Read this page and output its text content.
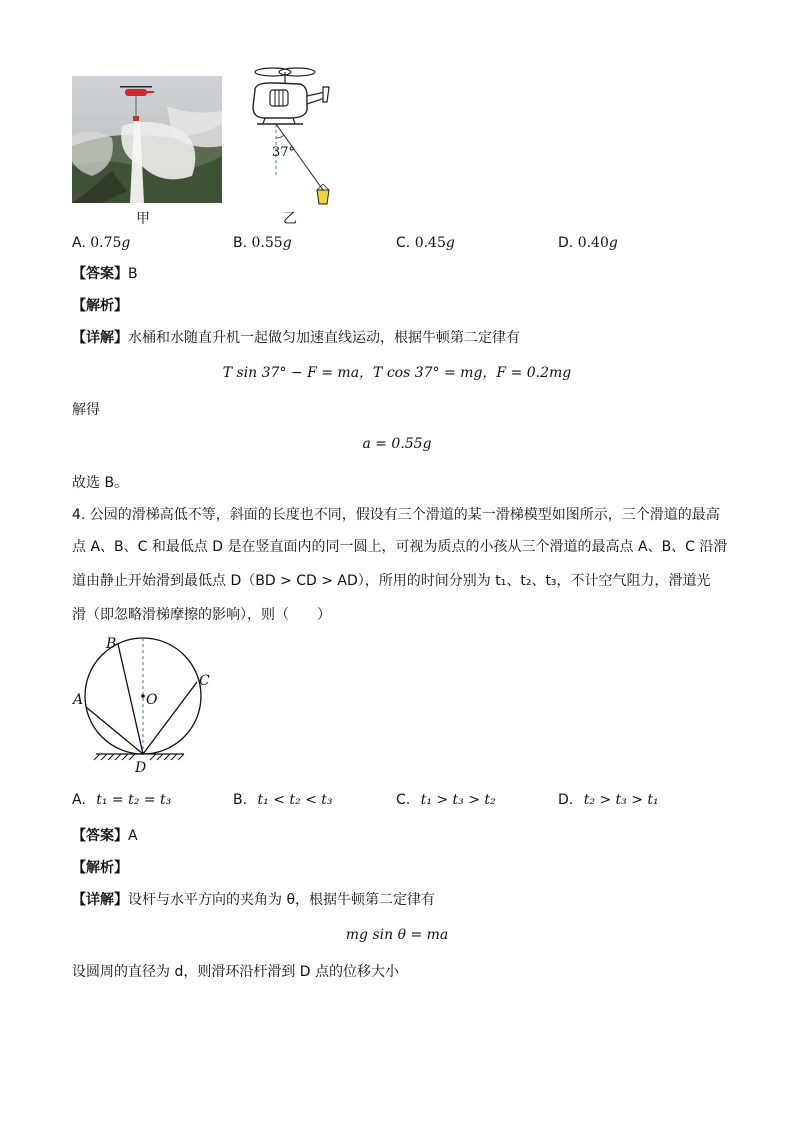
甲
37°
乙
A. 0.75g	B. 0.55g	C. 0.45g	D. 0.40g
【答案】B
【解析】
【详解】水桶和水随直升机一起做匀加速直线运动，根据牛顿第二定律有
T sin 37° − F = ma，T cos 37° = mg，F = 0.2mg
解得
a = 0.55g
故选 B。
4. 公园的滑梯高低不等，斜面的长度也不同，假设有三个滑道的某一滑梯模型如图所示，三个滑道的最高
点 A、B、C 和最低点 D 是在竖直面内的同一圆上，可视为质点的小孩从三个滑道的最高点 A、B、C 沿滑
道由静止开始滑到最低点 D（BD > CD > AD），所用的时间分别为 t₁、t₂、t₃，不计空气阻力，滑道光
滑（即忽略滑梯摩擦的影响），则（　　）
B
A	O
C
D
A. t₁ = t₂ = t₃	B. t₁ < t₂ < t₃	C. t₁ > t₃ > t₂	D. t₂ > t₃ > t₁
【答案】A
【解析】
【详解】设杆与水平方向的夹角为 θ，根据牛顿第二定律有
mg sin θ = ma
设圆周的直径为 d，则滑环沿杆滑到 D 点的位移大小
